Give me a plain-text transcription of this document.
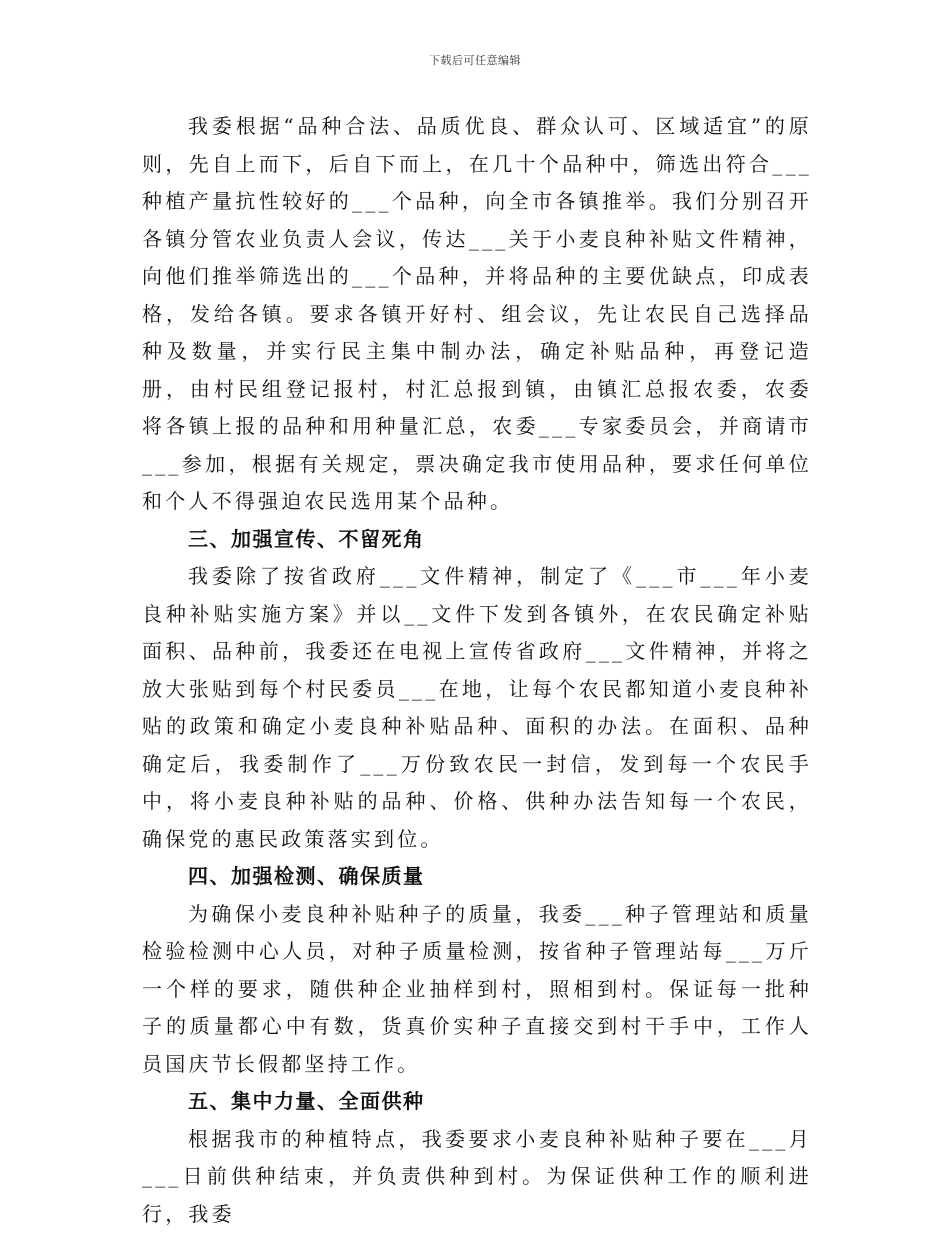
下载后可任意编辑

我委根据“品种合法、品质优良、群众认可、区域适宜”的原则，先自上而下，后自下而上，在几十个品种中，筛选出符合___种植产量抗性较好的___个品种，向全市各镇推举。我们分别召开各镇分管农业负责人会议，传达___关于小麦良种补贴文件精神，向他们推举筛选出的___个品种，并将品种的主要优缺点，印成表格，发给各镇。要求各镇开好村、组会议，先让农民自己选择品种及数量，并实行民主集中制办法，确定补贴品种，再登记造册，由村民组登记报村，村汇总报到镇，由镇汇总报农委，农委将各镇上报的品种和用种量汇总，农委___专家委员会，并商请市___参加，根据有关规定，票决确定我市使用品种，要求任何单位和个人不得强迫农民选用某个品种。

三、加强宣传、不留死角

我委除了按省政府___文件精神，制定了《___市___年小麦良种补贴实施方案》并以__文件下发到各镇外，在农民确定补贴面积、品种前，我委还在电视上宣传省政府___文件精神，并将之放大张贴到每个村民委员___在地，让每个农民都知道小麦良种补贴的政策和确定小麦良种补贴品种、面积的办法。在面积、品种确定后，我委制作了___万份致农民一封信，发到每一个农民手中，将小麦良种补贴的品种、价格、供种办法告知每一个农民，确保党的惠民政策落实到位。

四、加强检测、确保质量

为确保小麦良种补贴种子的质量，我委___种子管理站和质量检验检测中心人员，对种子质量检测，按省种子管理站每___万斤一个样的要求，随供种企业抽样到村，照相到村。保证每一批种子的质量都心中有数，货真价实种子直接交到村干手中，工作人员国庆节长假都坚持工作。

五、集中力量、全面供种

根据我市的种植特点，我委要求小麦良种补贴种子要在___月___日前供种结束，并负责供种到村。为保证供种工作的顺利进行，我委
